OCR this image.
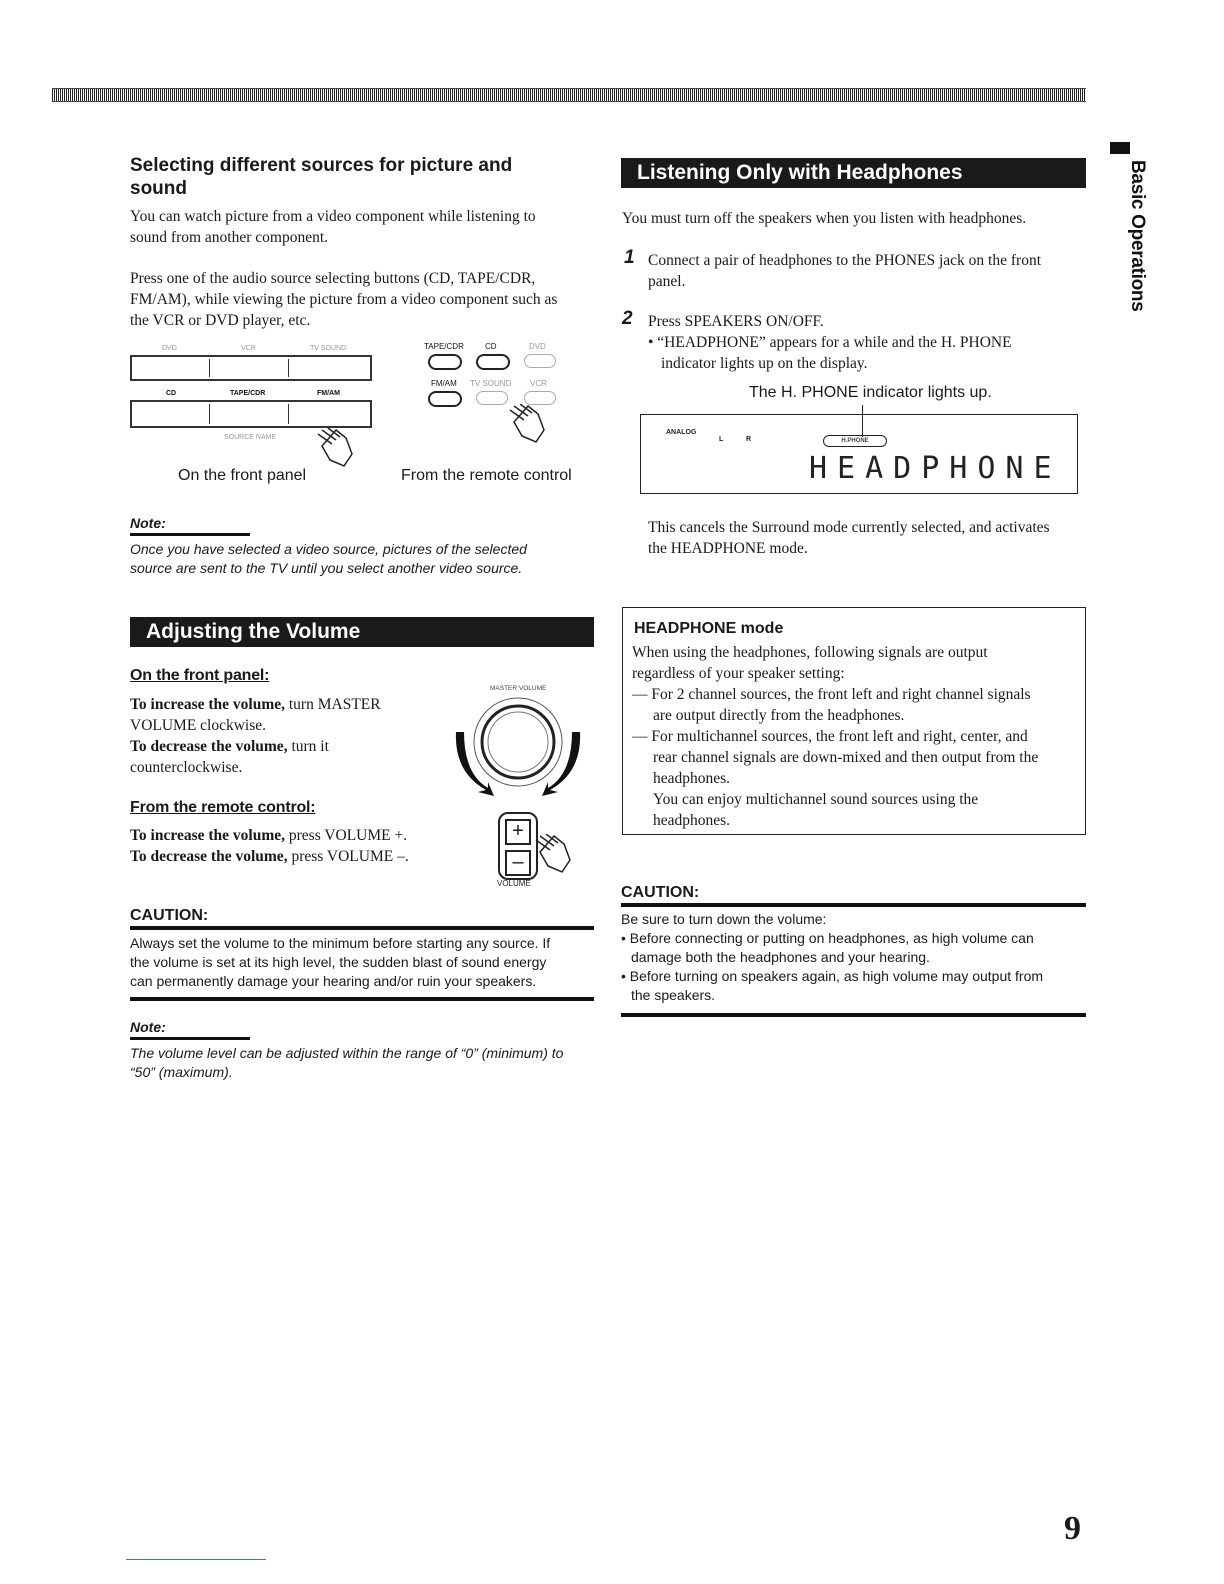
Basic Operations
Selecting different sources for picture and
sound

You can watch picture from a video component while listening to

sound from another component.

Press one of the audio source selecting buttons (CD, TAPE/CDR,

FM/AM), while viewing the picture from a video component such as

the VCR or DVD player, etc.

DVD	VCR	TV SOUND
CD	TAPE/CDR	FM/AM
SOURCE NAME
On the front panel
TAPE/CDR	CD	DVD
FM/AM TV SOUND VCR
From the remote control
Note:
Once you have selected a video source, pictures of the selected
source are sent to the TV until you select another video source.
Adjusting the Volume
On the front panel:

To increase the volume, turn MASTER

VOLUME clockwise.

To decrease the volume, turn it

counterclockwise.

MASTER VOLUME
From the remote control:

To increase the volume, press VOLUME +.

To decrease the volume, press VOLUME –.

+
–
VOLUME
CAUTION:
Always set the volume to the minimum before starting any source. If
the volume is set at its high level, the sudden blast of sound energy
can permanently damage your hearing and/or ruin your speakers.
Note:
The volume level can be adjusted within the range of “0” (minimum) to
“50” (maximum).
Listening Only with Headphones

You must turn off the speakers when you listen with headphones.

1 Connect a pair of headphones to the PHONES jack on the front

panel.

2 Press SPEAKERS ON/OFF.

• “HEADPHONE” appears for a while and the H. PHONE

indicator lights up on the display.

The H. PHONE indicator lights up.
ANALOG
L	R	$^{H.PHONE}$
HEADPHONE

This cancels the Surround mode currently selected, and activates

the HEADPHONE mode.

HEADPHONE mode

When using the headphones, following signals are output

regardless of your speaker setting:

— For 2 channel sources, the front left and right channel signals

are output directly from the headphones.

— For multichannel sources, the front left and right, center, and

rear channel signals are down-mixed and then output from the

headphones.

You can enjoy multichannel sound sources using the

headphones.

CAUTION:
Be sure to turn down the volume:
• Before connecting or putting on headphones, as high volume can
damage both the headphones and your hearing.
• Before turning on speakers again, as high volume may output from
the speakers.
9
